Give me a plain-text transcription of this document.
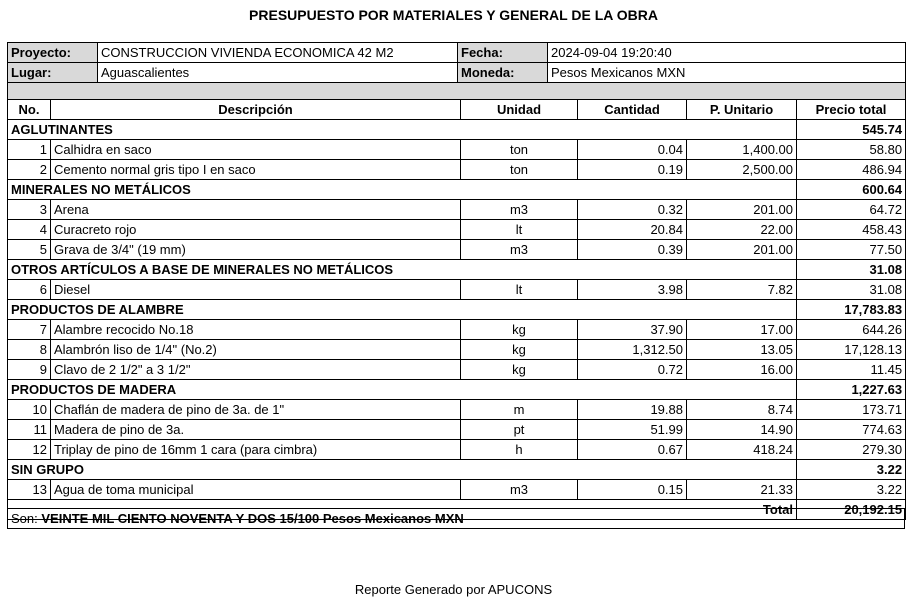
PRESUPUESTO POR MATERIALES Y GENERAL DE LA OBRA
Proyecto:	CONSTRUCCION VIVIENDA ECONOMICA 42 M2	Fecha:	2024-09-04 19:20:40
Lugar:	Aguascalientes	Moneda:	Pesos Mexicanos MXN

No.	Descripción	Unidad	Cantidad	P. Unitario	Precio total
AGLUTINANTES					545.74
1	Calhidra en saco	ton	0.04	1,400.00	58.80
2	Cemento normal gris tipo I en saco	ton	0.19	2,500.00	486.94
MINERALES NO METÁLICOS					600.64
3	Arena	m3	0.32	201.00	64.72
4	Curacreto rojo	lt	20.84	22.00	458.43
5	Grava de 3/4" (19 mm)	m3	0.39	201.00	77.50
OTROS ARTÍCULOS A BASE DE MINERALES NO METÁLICOS					31.08
6	Diesel	lt	3.98	7.82	31.08
PRODUCTOS DE ALAMBRE					17,783.83
7	Alambre recocido No.18	kg	37.90	17.00	644.26
8	Alambrón liso de 1/4" (No.2)	kg	1,312.50	13.05	17,128.13
9	Clavo de 2 1/2" a 3 1/2"	kg	0.72	16.00	11.45
PRODUCTOS DE MADERA					1,227.63
10	Chaflán de madera de pino de 3a. de 1"	m	19.88	8.74	173.71
11	Madera de pino de 3a.	pt	51.99	14.90	774.63
12	Triplay de pino de 16mm 1 cara (para cimbra)	h	0.67	418.24	279.30
SIN GRUPO					3.22
13	Agua de toma municipal	m3	0.15	21.33	3.22
Total					20,192.15
Son: VEINTE MIL CIENTO NOVENTA Y DOS 15/100 Pesos Mexicanos MXN
Reporte Generado por APUCONS
